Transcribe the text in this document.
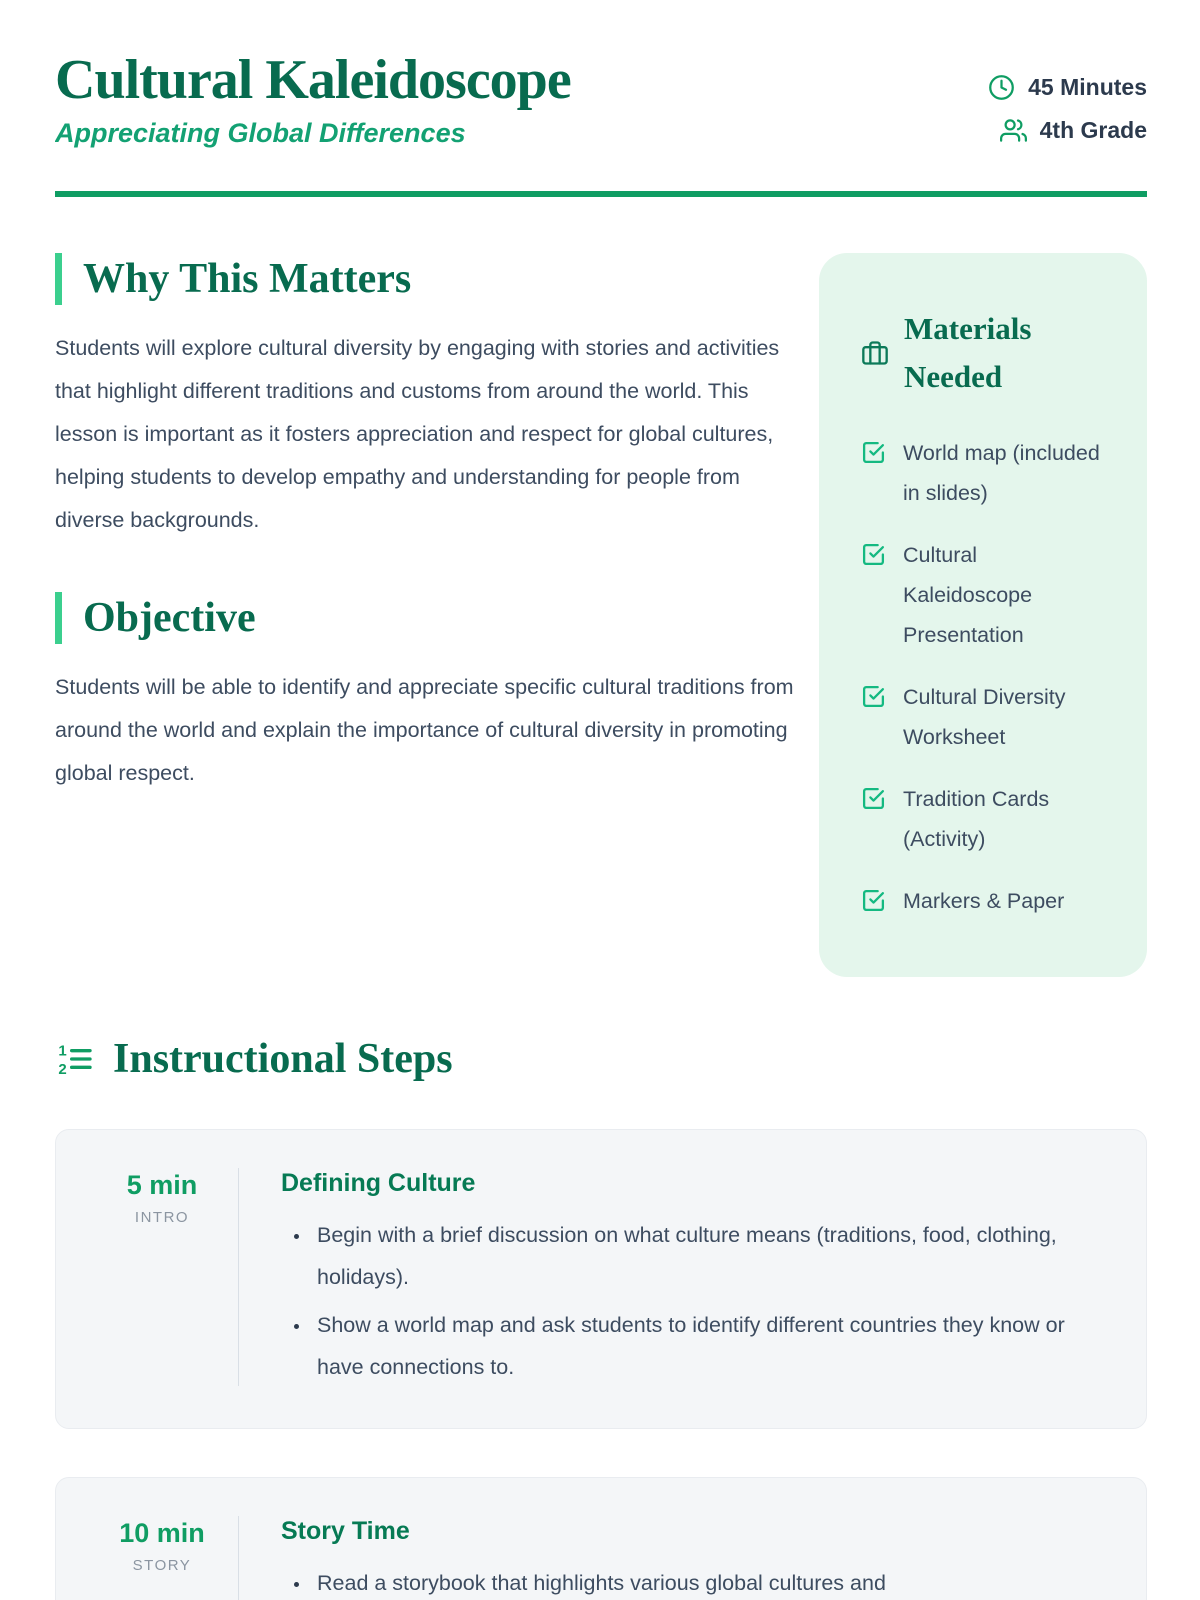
Cultural Kaleidoscope
Appreciating Global Differences
45 Minutes
4th Grade
Why This Matters

Students will explore cultural diversity by engaging with stories and activities that highlight different traditions and customs from around the world. This lesson is important as it fosters appreciation and respect for global cultures, helping students to develop empathy and understanding for people from diverse backgrounds.

Objective

Students will be able to identify and appreciate specific cultural traditions from around the world and explain the importance of cultural diversity in promoting global respect.

Materials Needed
World map (included in slides)
Cultural Kaleidoscope Presentation
Cultural Diversity Worksheet
Tradition Cards (Activity)
Markers & Paper
1
2 Instructional Steps
5 min
INTRO
Defining Culture
• Begin with a brief discussion on what culture means (traditions, food, clothing, holidays).
• Show a world map and ask students to identify different countries they know or have connections to.
10 min
STORY
Story Time
• Read a storybook that highlights various global cultures and
